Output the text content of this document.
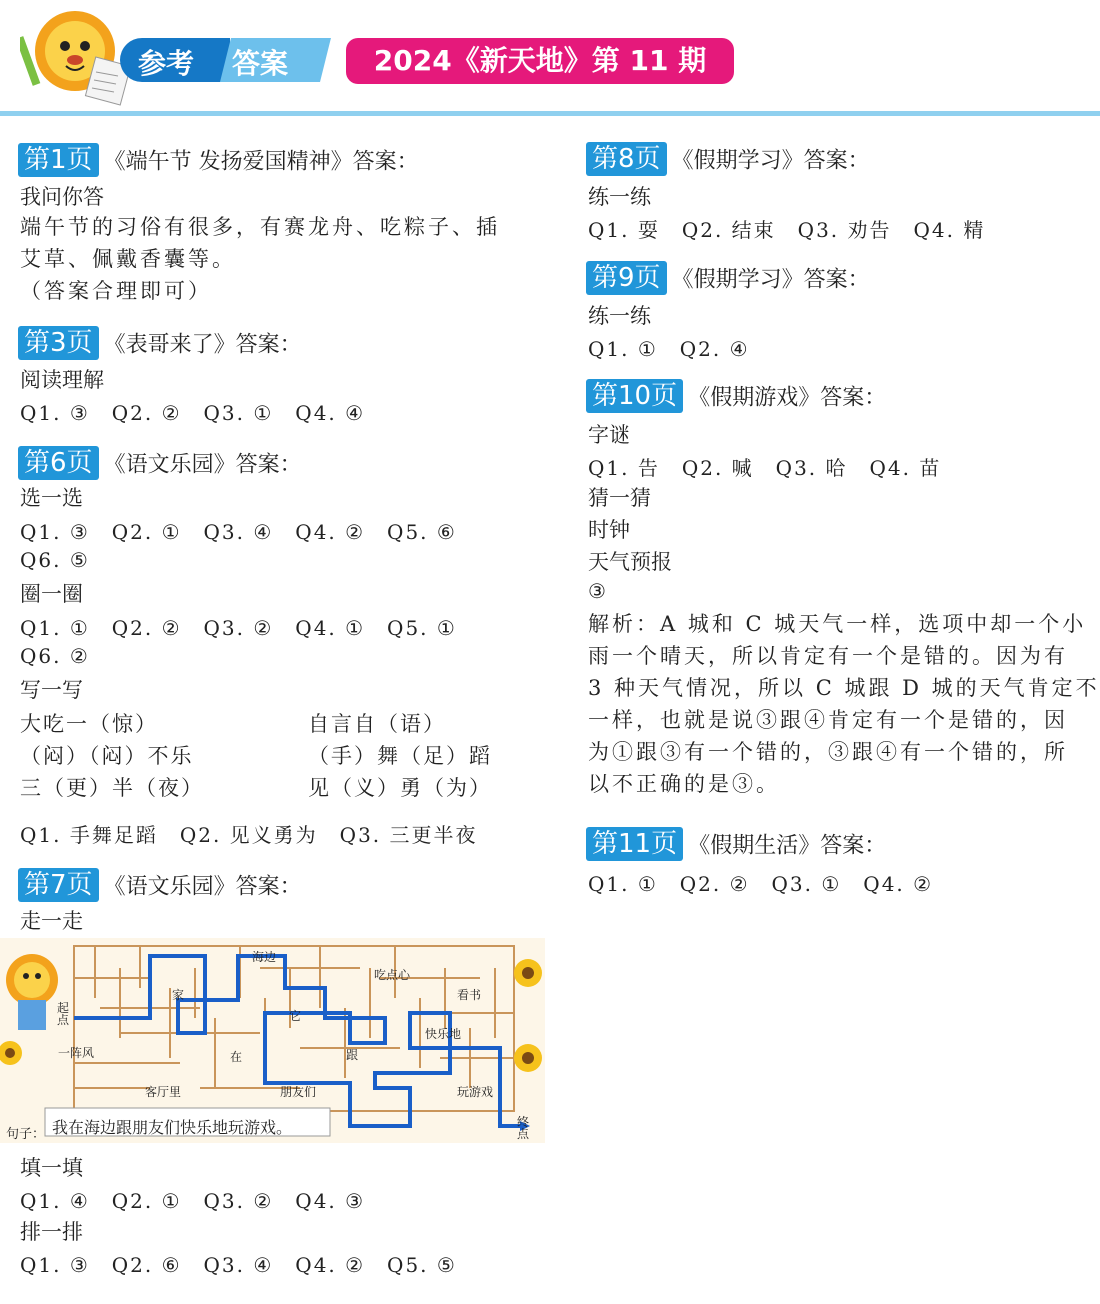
参考 答案	2024《新天地》第 11 期
第1页 《端午节 发扬爱国精神》答案：
我问你答
端午节的习俗有很多，有赛龙舟、吃粽子、插
艾草、佩戴香囊等。
（答案合理即可）
第3页 《表哥来了》答案：
阅读理解
Q1. ③　Q2. ②　Q3. ①　Q4. ④
第6页 《语文乐园》答案：
选一选
Q1. ③　Q2. ①　Q3. ④　Q4. ②　Q5. ⑥
Q6. ⑤
圈一圈
Q1. ①　Q2. ②　Q3. ②　Q4. ①　Q5. ①
Q6. ②
写一写
大吃一（惊）	自言自（语）
（闷）（闷）不乐	（手）舞（足）蹈
三（更）半（夜）	见（义）勇（为）
Q1. 手舞足蹈　Q2. 见义勇为　Q3. 三更半夜
第7页 《语文乐园》答案：
走一走
起点
终点
海边
吃点心
看书
家
它
快乐地
一阵风	在	跟
客厅里	朋友们	玩游戏
句子： 我在海边跟朋友们快乐地玩游戏。
填一填
Q1. ④　Q2. ①　Q3. ②　Q4. ③
排一排
Q1. ③　Q2. ⑥　Q3. ④　Q4. ②　Q5. ⑤
第8页 《假期学习》答案：
练一练
Q1. 耍　Q2. 结束　Q3. 劝告　Q4. 精
第9页 《假期学习》答案：
练一练
Q1. ①　Q2. ④
第10页 《假期游戏》答案：
字谜
Q1. 告　Q2. 喊　Q3. 哈　Q4. 苗
猜一猜
时钟
天气预报
③
解析：A 城和 C 城天气一样，选项中却一个小
雨一个晴天，所以肯定有一个是错的。因为有
3 种天气情况，所以 C 城跟 D 城的天气肯定不
一样，也就是说③跟④肯定有一个是错的，因
为①跟③有一个错的，③跟④有一个错的，所
以不正确的是③。
第11页 《假期生活》答案：
Q1. ①　Q2. ②　Q3. ①　Q4. ②
